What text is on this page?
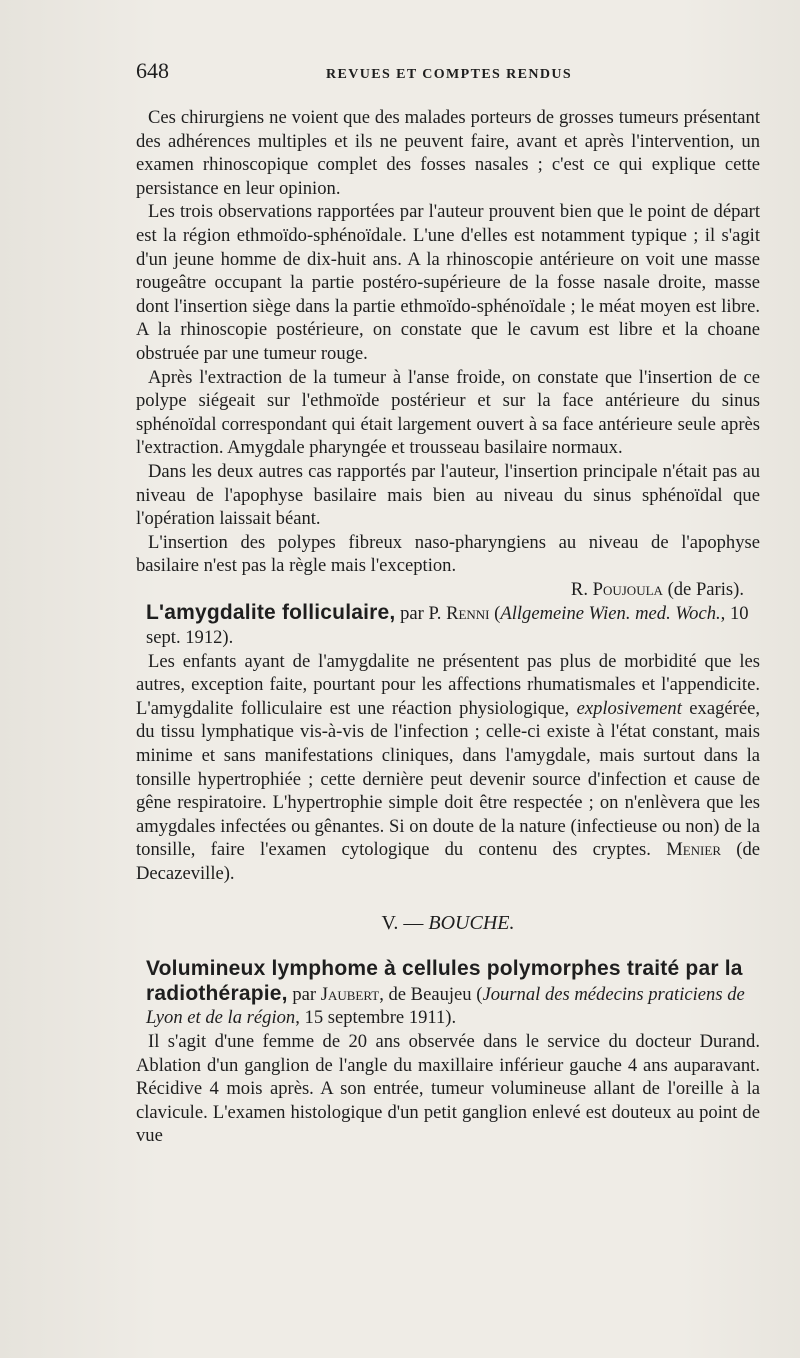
648	REVUES ET COMPTES RENDUS

Ces chirurgiens ne voient que des malades porteurs de grosses tumeurs présentant des adhérences multiples et ils ne peuvent faire, avant et après l'intervention, un examen rhinoscopique complet des fosses nasales ; c'est ce qui explique cette persistance en leur opinion.

Les trois observations rapportées par l'auteur prouvent bien que le point de départ est la région ethmoïdo-sphénoïdale. L'une d'elles est notamment typique ; il s'agit d'un jeune homme de dix-huit ans. A la rhinoscopie antérieure on voit une masse rougeâtre occupant la partie postéro-supérieure de la fosse nasale droite, masse dont l'insertion siège dans la partie ethmoïdo-sphénoïdale ; le méat moyen est libre. A la rhinoscopie postérieure, on constate que le cavum est libre et la choane obstruée par une tumeur rouge.

Après l'extraction de la tumeur à l'anse froide, on constate que l'insertion de ce polype siégeait sur l'ethmoïde postérieur et sur la face antérieure du sinus sphénoïdal correspondant qui était largement ouvert à sa face antérieure seule après l'extraction. Amygdale pharyngée et trousseau basilaire normaux.

Dans les deux autres cas rapportés par l'auteur, l'insertion principale n'était pas au niveau de l'apophyse basilaire mais bien au niveau du sinus sphénoïdal que l'opération laissait béant.

L'insertion des polypes fibreux naso-pharyngiens au niveau de l'apophyse basilaire n'est pas la règle mais l'exception.

R. Poujoula (de Paris).

L'amygdalite folliculaire, par P. Renni (Allgemeine Wien. med. Woch., 10 sept. 1912).

Les enfants ayant de l'amygdalite ne présentent pas plus de morbidité que les autres, exception faite, pourtant pour les affections rhumatismales et l'appendicite. L'amygdalite folliculaire est une réaction physiologique, explosivement exagérée, du tissu lymphatique vis-à-vis de l'infection ; celle-ci existe à l'état constant, mais minime et sans manifestations cliniques, dans l'amygdale, mais surtout dans la tonsille hypertrophiée ; cette dernière peut devenir source d'infection et cause de gêne respiratoire. L'hypertrophie simple doit être respectée ; on n'enlèvera que les amygdales infectées ou gênantes. Si on doute de la nature (infectieuse ou non) de la tonsille, faire l'examen cytologique du contenu des cryptes. Menier (de Decazeville).

V. — BOUCHE.

Volumineux lymphome à cellules polymorphes traité par la radiothérapie, par Jaubert, de Beaujeu (Journal des médecins praticiens de Lyon et de la région, 15 septembre 1911).

Il s'agit d'une femme de 20 ans observée dans le service du docteur Durand. Ablation d'un ganglion de l'angle du maxillaire inférieur gauche 4 ans auparavant. Récidive 4 mois après. A son entrée, tumeur volumineuse allant de l'oreille à la clavicule. L'examen histologique d'un petit ganglion enlevé est douteux au point de vue
